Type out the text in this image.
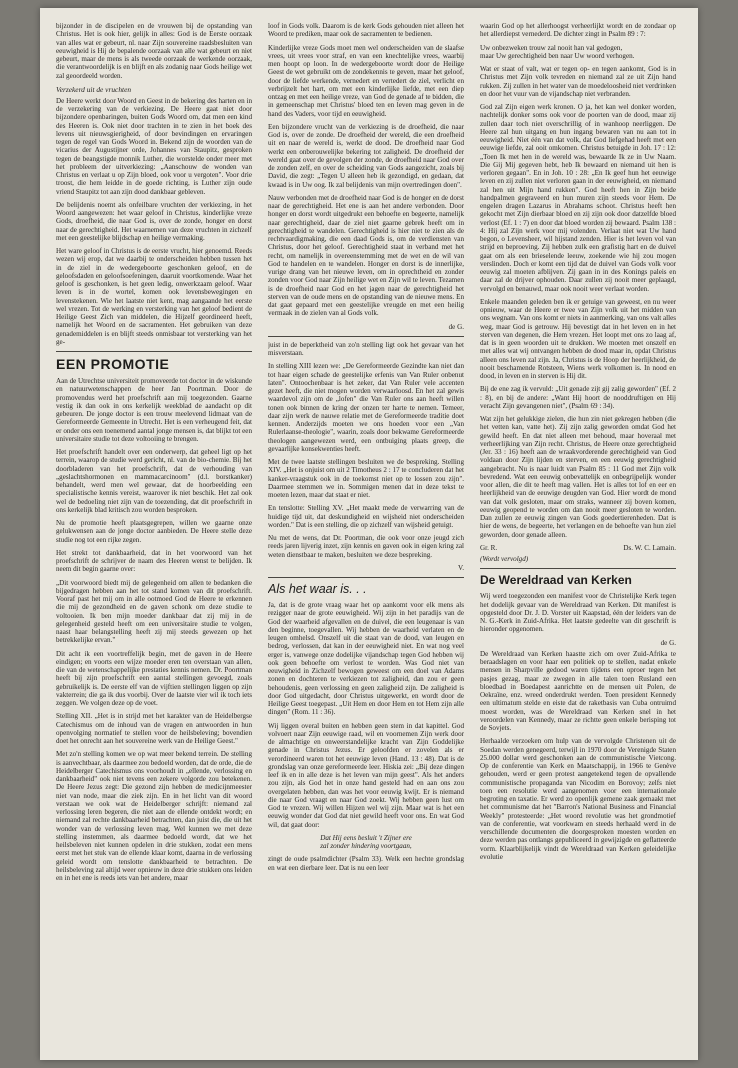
bijzonder in de discipelen en de vrouwen bij de opstanding van Christus. Het is ook hier, gelijk in alles: God is de Eerste oorzaak van alles wat er gebeurt, nl. naar Zijn souvereine raadsbesluiten van eeuwigheid is Hij de bepalende oorzaak van alle wat gebeurt en niet gebeurt, maar de mens is als tweede oorzaak de werkende oorzaak, die verantwoordelijk is en blijft en als zodanig naar Gods heilige wet zal geoordeeld worden.

Verzekerd uit de vruchten

De Heere werkt door Woord en Geest in de bekering des harten en in de verzekering van de verkiezing. De Heere gaat niet door bijzondere openbaringen, buiten Gods Woord om, dat men een kind des Heeren is. Ook niet door trachten in te zien in het boek des levens uit nieuwsgierigheid, of door bevindingen en ervaringen tegen de regel van Gods Woord in. Bekend zijn de woorden van de vicarius der Augustijner orde, Johannes van Staupitz, gesproken tegen de beangstigde monnik Luther, die worstelde onder meer met het probleem der uitverkiezing: „Aanschouw de wonden van Christus en verlaat u op Zijn bloed, ook voor u vergoten". Voor drie troost, die hem leidde in de goede richting, is Luther zijn oude vriend Staupitz tot aan zijn dood dankbaar gebleven.

De belijdenis noemt als onfeilbare vruchten der verkiezing, in het Woord aangewezen: het waar geloof in Christus, kinderlijke vreze Gods, droefheid, die naar God is, over de zonde, honger en dorst naar de gerechtigheid. Het waarnemen van deze vruchten in zichzelf met een geestelijke blijdschap en heilige vermaking.

Het ware geloof in Christus is de eerste vrucht, hier genoemd. Reeds wezen wij erop, dat we daarbij te onderscheiden hebben tussen het in de ziel in de wedergeboorte geschonken geloof, en de geloofsdaden en geloofsoefeningen, daaruit voortkomende. Waar het geloof is geschonken, is het geen ledig, onwerkzaam geloof. Waar leven is in de wortel, komen ook levensbewegingen en levenstekenen. Wie het laatste niet kent, mag aangaande het eerste wel vrezen. Tot de werking en versterking van het geloof bedient de Heilige Geest Zich van middelen, die Hijzelf geordineerd heeft, namelijk het Woord en de sacramenten. Het gebruiken van deze genademiddelen is en blijft steeds onmisbaar tot versterking van het ge-

EEN PROMOTIE

Aan de Utrechtse universiteit promoveerde tot doctor in de wiskunde en natuurwetenschappen de heer Jan Poortman. Door de promovendus werd het proefschrift aan mij toegezonden. Gaarne vestig ik dan ook in ons kerkelijk weekblad de aandacht op dit gebeuren. De jonge doctor is een trouw meelevend lidmaat van de Gereformeerde Gemeente in Utrecht. Het is een verheugend feit, dat er onder ons een toenemend aantal jonge mensen is, dat blijkt tot een universitaire studie tot deze voltooiing te brengen.

Het proefschrift handelt over een onderwerp, dat geheel ligt op het terrein, waarop de studie werd gericht, nl. van de bio-chemie. Bij het doorbladeren van het proefschrift, dat de verhouding van „geslachtshormonen en mammacarcinoom" (d.l. borstkanker) behandelt, werd men wel gewaar, dat de hoorbeelding een specialistische kennis vereist, waarover ik niet beschik. Het zal ook wel de bedoeling niet zijn van de toezending, dat dit proefschrift in ons kerkelijk blad kritisch zou worden besproken.

Nu de promotie heeft plaatsgegrepen, willen we gaarne onze gelukwensen aan de jonge doctor aanbieden. De Heere stelle deze studie nog tot een rijke zegen.

Het strekt tot dankbaarheid, dat in het voorwoord van het proefschrift de schrijver de naam des Heeren wenst te belijden. Ik neem dit begin gaarne over:

„Dit voorwoord biedt mij de gelegenheid om allen te bedanken die bijgedragen hebben aan het tot stand komen van dit proefschrift. Vooraf past het mij om in alle ootmoed God de Heere te erkennen die mij de gezondheid en de gaven schonk om deze studie te voltooien. Ik ben mijn moeder dankbaar dat zij mij in de gelegenheid gesteld heeft om een universitaire studie te volgen, naast haar belangstelling heeft zij mij steeds gewezen op het betrekkelijke ervan."

Dit acht ik een voortreffelijk begin, met de gaven in de Heere eindigen; en voorts een wijze moeder eren ten overstaan van allen, die van de wetenschappelijke prestaties kennis nemen. Dr. Poortman heeft bij zijn proefschrift een aantal stellingen gevoegd, zoals gebruikelijk is. De eerste elf van de vijftien stellingen liggen op zijn vakterrein; die ga ik dus voorbij. Over de laatste vier wil ik toch iets zeggen. We volgen deze op de voet.

Stelling XII. „Het is in strijd met het karakter van de Heidelbergse Catechismus om de inhoud van de vragen en antwoorden in hun openvolging normatief te stellen voor de heilsbeleving; bovendien doet het onrecht aan het souvereine werk van de Heilige Geest."

Met zo'n stelling komen we op wat meer bekend terrein. De stelling is aanvechtbaar, als daarmee zou bedoeld worden, dat de orde, die de Heidelberger Catechismus ons voorhoudt in „ellende, verlossing en dankbaarheid" ook niet tevens een zekere volgorde zou betekenen. De Heere Jezus zegt: Die gezond zijn hebben de medicijnmeester niet van node, maar die ziek zijn. En in het licht van dit woord verstaan we ook wat de Heidelberger schrijft: niemand zal verlossing leren begeren, die niet aan de ellende ontdekt wordt; en niemand zal rechte dankbaarheid betrachten, dan juist die, die uit het wonder van de verlossing leven mag. Wel kunnen we met deze stelling instemmen, als daarmee bedoeld wordt, dat we het heilsbeleven niet kunnen opdelen in drie stukken, zodat een mens eerst met het stuk van de ellende klaar komt, daarna in de verlossing geleid wordt om tenslotte dankbaarheid te betrachten. De heilsbeleving zal altijd weer opnieuw in deze drie stukken ons leiden en in het ene is reeds iets van het andere, maar

loof in Gods volk. Daarom is de kerk Gods gehouden niet alleen het Woord te prediken, maar ook de sacramenten te bedienen.

Kinderlijke vreze Gods moet men wel onderscheiden van de slaafse vrees, uit vrees voor straf, en van een knechtelijke vrees, waarbij men hoopt op loon. In de wedergeboorte wordt door de Heilige Geest de wet gebruikt om de zondekennis te geven, maar het geloof, door de liefde werkende, vernedert en vertedert de ziel, verlicht en verbrijzelt het hart, om met een kinderlijke liefde, met een diep ontzag en met een heilige vreze, van God de genade af te bidden, die in gemeenschap met Christus' bloed ten en leven mag geven in de hand des Vaders, voor tijd en eeuwigheid.

Een bijzondere vrucht van de verkiezing is de droefheid, die naar God is, over de zonde. De droefheid der wereld, die een droefheid uit en naar de wereld is, werkt de dood. De droefheid naar God werkt een onberouwelijke bekering tot zaligheid. De droefheid der wereld gaat over de gevolgen der zonde, de droefheid naar God over de zonden zelf, en over de scheiding van Gods aangezicht, zoals bij David, die zegt: „Tegen U alleen heb ik gezondigd, en gedaan, dat kwaad is in Uw oog. Ik zal belijdenis van mijn overtredingen doen".

Nauw verbonden met de droefheid naar God is de honger en de dorst naar de gerechtigheid. Het ene is aan het andere verbonden. Door honger en dorst wordt uitgedrukt een behoefte en begeerte, namelijk naar gerechtigheid, daar de ziel niet gaarne gebrek heeft om in gerechtigheid te wandelen. Gerechtigheid is hier niet te zien als de rechtvaardigmaking, die een daad Gods is, om de verdiensten van Christus, door het geloof. Gerechtigheid staat in verband met het recht, om namelijk in overeenstemming met de wet en de wil van God te handelen en te wandelen. Honger en dorst is de innerlijke, vurige drang van het nieuwe leven, om in oprechtheid en zonder zonden voor God naar Zijn heilige wet en Zijn wil te leven. Tezamen is de droefheid naar God en het jagen naar de gerechtigheid het sterven van de oude mens en de opstanding van de nieuwe mens. En dat gaat gepaard met een geestelijke vreugde en met een heilig vermaak in de zielen van al Gods volk.

de G.

juist in de beperktheid van zo'n stelling ligt ook het gevaar van het misverstaan.

In stelling XIII lezen we: „De Gereformeerde Gezindte kan niet dan tot haar eigen schade de geestelijke erfenis van Van Ruler onbenut laten". Ontoochenbaar is het zeker, dat Van Ruler vele accenten gezet heeft, die niet mogen worden verwaarloosd. En het zal gewis waardevol zijn om de „lofen" die Van Ruler ons aan heeft willen tonen ook binnen de kring der onzen ter harte te nemen. Temeer, daar zijn werk de nauwe relatie met de Gereformeerde traditie doet kennen. Anderzijds moeten we ons hoeden voor een „Van Rulerlaanse-theologie", waarin, zoals door bekwame Gereformeerde theologen aangewezen werd, een ontbuiging plaats greep, die gevaarlijke konsekwenties heeft.

Met de twee laatste stellingen besluiten we de bespreking. Stelling XIV. „Het is onjuist om uit 2 Timotheus 2 : 17 te concluderen dat het kanker-vraagstuk ook in de toekomst niet op te lossen zou zijn". Daarmee stemmen we in. Sommigen menen dat in deze tekst te moeten lezen, maar dat staat er niet.

En tenslotte: Stelling XV. „Het maakt mede de verwarring van de huidige tijd uit, dat deskundigheid en wijsheid niet onderscheiden worden." Dat is een stelling, die op zichzelf van wijsheid getuigt.

Nu met de wens, dat Dr. Poortman, die ook voor onze jeugd zich reeds jaren lijverig inzet, zijn kennis en gaven ook in eigen kring zal weten dienstbaar te maken, besluiten we deze bespreking.

V.
Als het waar is. . .

Ja, dat is de grote vraag waar het op aankomt voor elk mens als rezigger naar de grote eeuwigheid. Wij zijn in het paradijs van de God der waarheid afgevallen en de duivel, die een leugenaar is van den beginne, toegevallen. Wij hebben de waarheid verlaten en de leugen omhelsd. Onszelf uit die staat van de dood, van leugen en bedrog, verlossen, dat kan in der eeuwigheid niet. En wat nog veel erger is, vanwege onze dodelijke vijandschap tegen God hebben wij ook geen behoefte om verlost te worden. Was God niet van eeuwigheid in Zichzelf bewogen geweest om een doel van Adams zonen en dochteren te verkiezen tot zaligheid, dan zou er geen behoudenis, geen verlossing en geen zaligheid zijn. De zaligheid is door God uitgedacht, door Christus uitgewerkt, en wordt door de Heilige Geest toegepast. „Uit Hem en door Hem en tot Hem zijn alle dingen" (Rom. 11 : 36).

Wij liggen overal buiten en hebben geen stem in dat kapittel. God volvoert naar Zijn eeuwige raad, wil en voornemen Zijn werk door de almachtige en onweerstandelijke kracht van Zijn Goddelijke genade in Christus Jezus. Er geloofden er zovelen als er verordineerd waren tot het eeuwige leven (Hand. 13 : 48). Dat is de grondslag van onze gereformeerde leer. Hiskia zei: „Bij deze dingen leef ik en in alle deze is het leven van mijn geest". Als het anders zou zijn, als God het in onze hand gesteld had en aan ons zou overgelaten hebben, dan was het voor eeuwig kwijt. Er is niemand die naar God vraagt en naar God zoekt. Wij hebben geen lust om God te vrezen. Wij willen Hijzen wel wij zijn. Maar wat is het een eeuwig wonder dat God dat niet gewild heeft voor ons. En wat God wil, dat gaat door:

Dat Hij eens besluit 't Zijner ere

zal zonder hindering voortgaan,

zingt de oude psalmdichter (Psalm 33). Welk een hechte grondslag en wat een dierbare leer. Dat is nu een leer

waarin God op het allerhoogst verheerlijkt wordt en de zondaar op het allerdiepst vernederd. De dichter zingt in Psalm 89 : 7:

Uw onbezweken trouw zal nooit han val gedogen,

maar Uw gerechtigheid ben naar Uw woord verhogen.

Wat er staat of valt, wat er tegen op- en tegen aankomt, God is in Christus met Zijn volk tevreden en niemand zal ze uit Zijn hand rukken. Zij zullen in het water van de moedeloosheid niet verdrinken en door het vuur van de vijandschap niet verbranden.

God zal Zijn eigen werk kronen. O ja, het kan wel donker worden, nachtelijk donker soms ook voor de poorten van de dood, maar zij zullen daar toch niet overschrillig of in wanhoop neerliggen. De Heere zal hun uitgang en hun ingang bewaren van nu aan tot in eeuwigheid. Niet één van dat volk, dat God liefgehad heeft met een eeuwige liefde, zal ooit omkomen. Christus betuigde in Joh. 17 : 12: „Toen Ik met hen in de wereld was, bewaarde Ik ze in Uw Naam. Die Gij Mij gegeven hebt, heb Ik bewaard en niemand uit hen is verloren gegaan". En in Joh. 10 : 28: „En Ik geef hun het eeuwige leven en zij zullen niet verloren gaan in der eeuwigheid, en niemand zal hen uit Mijn hand rukken". God heeft hen in Zijn beide handpalmen gegraveerd en hun muren zijn steeds voor Hem. De engelen dragen Lazarus in Abrahams schoot. Christus heeft hen gekocht met Zijn dierbaar bloed en zij zijn ook door datzelfde bloed verlost (Ef. 1 : 7) en door dat bloed worden zij bewaard. Psalm 138 : 4: Hij zal Zijn werk voor mij volenden. Verlaat niet wat Uw hand begon, o Levensheer, wil hijstand zenden. Hier is het leven vol van strijd en beproeving. Zij hebben zulk een grafistig hart en de duivel gaat om als een brieselende leeuw, zoekende wie hij zou mogen verslinden. Doch er komt een tijd dat de duivel van Gods volk voor eeuwig zal moeten afblijven. Zij gaan in in des Konings paleis en daar zal de drijver ophouden. Daar zullen zij nooit meer geplaagd, vervolgd en benauwd, maar ook nooit weer verlaat worden.

Enkele maanden geleden ben ik er getuige van geweest, en nu weer opnieuw, waar de Heere er twee van Zijn volk uit het midden van ons wegnam. Van ons komt er niets in aanmerking, van ons valt alles weg, maar God is getrouw. Hij bevestigt dat in het leven en in het sterven van degenen, die Hem vrezen. Het loopt met ons zo laag af, dat is in geen woorden uit te drukken. We moeten met onszelf en met alles wat wij ontvangen hebben de dood maar in, opdat Christus alleen ons leven zal zijn. Ja, Christus is de Hoop der heerlijkheid, de nooit beschamende Rotsteen, Wiens werk volkomen is. In nood en dood, in leven en in sterven is Hij dit.

Bij de ene zag ik vervuld: „Uit genade zijt gij zalig geworden" (Ef. 2 : 8), en bij de andere: „Want Hij hoort de nooddruftigen en Hij veracht Zijn gevangenen niet", (Psalm 69 : 34).

Wat zijn het gelukkige zielen, die hun zin niet gekregen hebben (die het vetten kan, vatte het). Zij zijn zalig geworden omdat God het gewild heeft. En dat niet alleen met behoud, maar hoveraal met verheerlijking van Zijn recht. Christus, de Heere onze gerechtigheid (Jer. 33 : 16) heeft aan de wraakvorderende gerechtigheid van God voldaan door Zijn lijden en sterven, en een eeuwig gerechtigheid aangebracht. Nu is naar luidt van Psalm 85 : 11 God met Zijn volk bevredend. Wat een eeuwig onbevattelijk en onbegrijpelijk wonder voor allen, die dit te heeft mag vallen. Het is alles tot lof en eer en heerlijkheid van de eeuwige deugden van God. Hier wordt de mond van dat volk gesloten, maar om straks, wanneer zij boven komen, eeuwig geopend te worden om dan nooit meer gesloten te worden. Dan zullen ze eeuwig zingen van Gods goedertierenheden. Dat is hier de wens, de begeerte, het verlangen en de behoefte van hun ziel geworden, door genade alleen.

Gr. R.	Ds. W. C. Lamain.
(Wordt vervolgd)
De Wereldraad van Kerken

Wij werd toegezonden een manifest voor de Christelijke Kerk tegen het dodelijk gevaar van de Wereldraad van Kerken. Dit manifest is opgesteld door Dr. J. D. Vorster uit Kaapstad, één der leiders van de N. G.-Kerk in Zuid-Afrika. Het laatste gedeelte van dit geschrift is hieronder opgenomen.

de G.

De Wereldraad van Kerken haastte zich om over Zuid-Afrika te beraadslagen en voor haar een politiek op te stellen, nadat enkele mensen in Sharpville gedood waren tijdens een oproer tegen het pasjes gezag, maar ze zwegen in alle talen toen Rusland een bloedbad in Boedapest aanrichtte en de mensen uit Polen, de Oekraïne, enz. wreed onderdrukt werden. Toen president Kennedy een ultimatum stelde en eiste dat de raketbasis van Cuba ontruimd moest worden, was de Wereldraad van Kerken snel in het veroordelen van Kennedy, maar ze richtte geen enkele berisping tot de Sovjets.

Herhaalde verzoeken om hulp van de vervolgde Christenen uit de Soedan werden genegeerd, terwijl in 1970 door de Verenigde Staten 25.000 dollar werd geschonken aan de communistische Vietcong. Op de conferentie van Kerk en Maatschappij, in 1966 te Genève gehouden, werd er geen protest aangetekend tegen de opvallende communistische propaganda van Nicodim en Borovoy; zelfs niet toen een resolutie werd aangenomen voor een internationale begroting en taxatie. Er werd zo openlijk gemene zaak gemaakt met het communisme dat het "Barron's National Business and Financial Weekly" protesteerde: „Het woord revolutie was het grondmotief van de conferentie, wat voorkwam en steeds herhaald werd in de verschillende documenten die doorgesproken moesten worden en deze werden pas ontlangs gepubliceerd in gewijzigde en geflatteerde vorm. Klaarblijkelijk vindt de Wereldraad van Kerken geleidelijke evolutie
